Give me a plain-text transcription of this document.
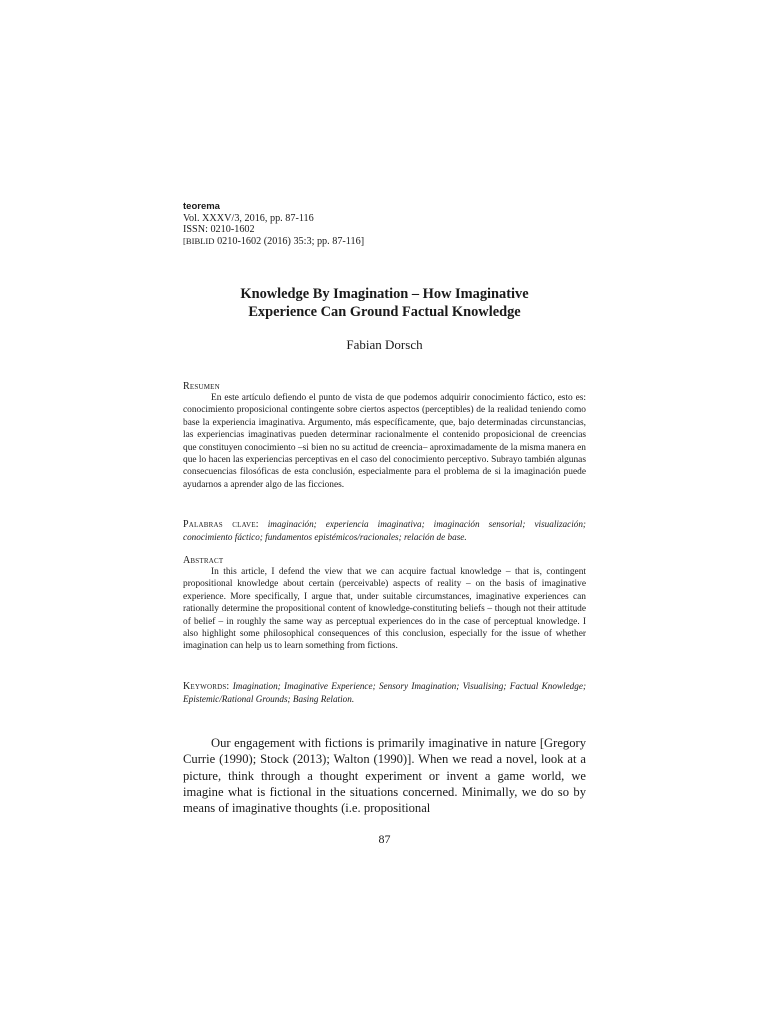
teorema
Vol. XXXV/3, 2016, pp. 87-116
ISSN: 0210-1602
[BIBLID 0210-1602 (2016) 35:3; pp. 87-116]
Knowledge By Imagination – How Imaginative
Experience Can Ground Factual Knowledge
Fabian Dorsch
Resumen
En este artículo defiendo el punto de vista de que podemos adquirir conocimiento fáctico, esto es: conocimiento proposicional contingente sobre ciertos aspectos (perceptibles) de la realidad teniendo como base la experiencia imaginativa. Argumento, más específicamente, que, bajo determinadas circunstancias, las experiencias imaginativas pueden determinar racionalmente el contenido proposicional de creencias que constituyen conocimiento –si bien no su actitud de creencia– aproximadamente de la misma manera en que lo hacen las experiencias perceptivas en el caso del conocimiento perceptivo. Subrayo también algunas consecuencias filosóficas de esta conclusión, especialmente para el problema de si la imaginación puede ayudarnos a aprender algo de las ficciones.
Palabras clave: imaginación; experiencia imaginativa; imaginación sensorial; visualización; conocimiento fáctico; fundamentos epistémicos/racionales; relación de base.
Abstract
In this article, I defend the view that we can acquire factual knowledge – that is, contingent propositional knowledge about certain (perceivable) aspects of reality – on the basis of imaginative experience. More specifically, I argue that, under suitable circumstances, imaginative experiences can rationally determine the propositional content of knowledge-constituting beliefs – though not their attitude of belief – in roughly the same way as perceptual experiences do in the case of perceptual knowledge. I also highlight some philosophical consequences of this conclusion, especially for the issue of whether imagination can help us to learn something from fictions.
Keywords: Imagination; Imaginative Experience; Sensory Imagination; Visualising; Factual Knowledge; Epistemic/Rational Grounds; Basing Relation.
Our engagement with fictions is primarily imaginative in nature [Gregory Currie (1990); Stock (2013); Walton (1990)]. When we read a novel, look at a picture, think through a thought experiment or invent a game world, we imagine what is fictional in the situations concerned. Minimally, we do so by means of imaginative thoughts (i.e. propositional
87
